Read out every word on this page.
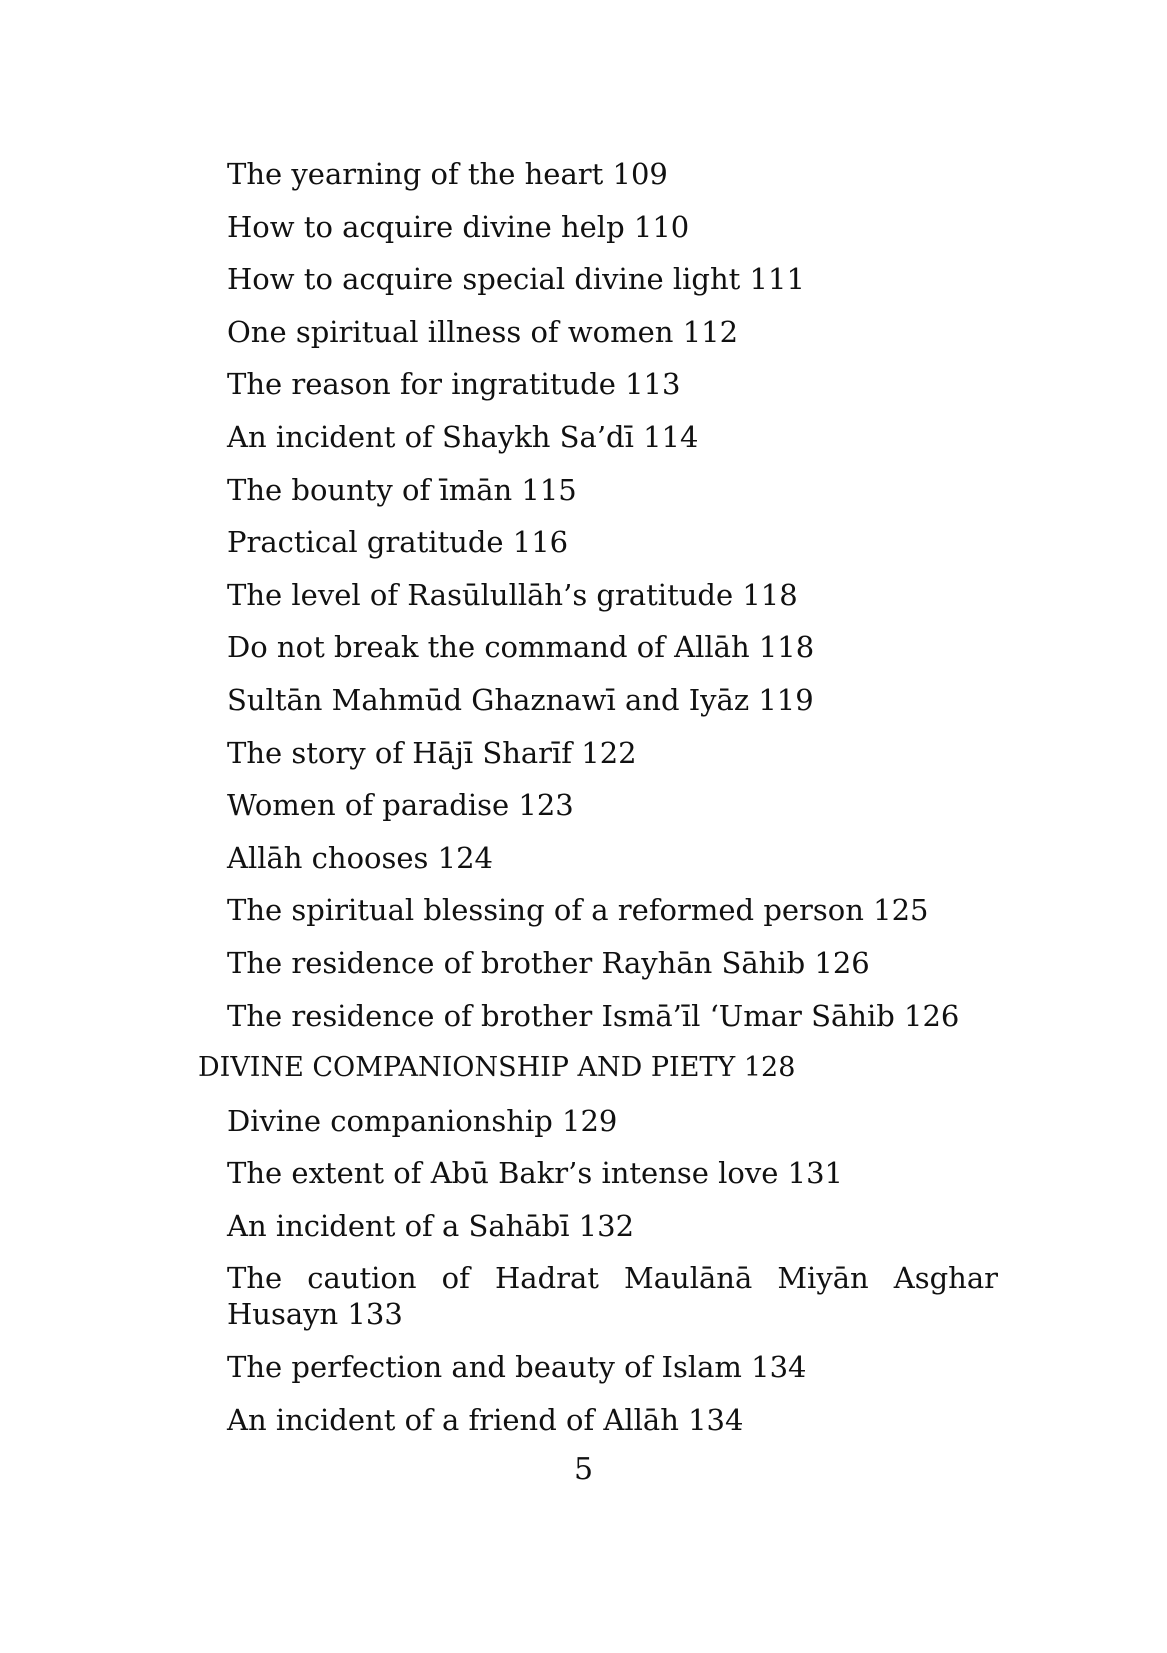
The yearning of the heart 109
How to acquire divine help 110
How to acquire special divine light 111
One spiritual illness of women 112
The reason for ingratitude 113
An incident of Shaykh Sa’dī 114
The bounty of īmān 115
Practical gratitude 116
The level of Rasūlullāh’s gratitude 118
Do not break the command of Allāh 118
Sultān Mahmūd Ghaznawī and Iyāz 119
The story of Hājī Sharīf 122
Women of paradise 123
Allāh chooses 124
The spiritual blessing of a reformed person 125
The residence of brother Rayhān Sāhib 126
The residence of brother Ismā’īl ‘Umar Sāhib 126
DIVINE COMPANIONSHIP AND PIETY 128
Divine companionship 129
The extent of Abū Bakr’s intense love 131
An incident of a Sahābī 132
The caution of Hadrat Maulānā Miyān Asghar Husayn 133
The perfection and beauty of Islam 134
An incident of a friend of Allāh 134
5
